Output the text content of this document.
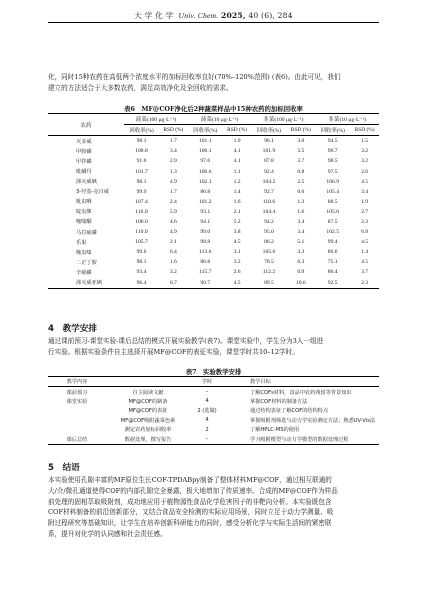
大 学 化 学 Univ. Chem. 2025, 40 (6), 284
化，同时15种农药在高低两个浓度水平的加标回收率良好(70%–120%范围) (表6)。由此可见，我们
建立的方法适合于大多数农药，满足高效净化及全回收的需求。
表6　MF@COF净化后2种蔬菜样品中15种农药的加标回收率
农药	菠菜(100 μg·L⁻¹)		菠菜(10 μg·L⁻¹)		韭菜(100 μg·L⁻¹)		韭菜(10 μg·L⁻¹)	
	回收率(%)	RSD (%)	回收率(%)	RSD (%)	回收率(%)	RSD (%)	回收率(%)	RSD (%)
灭多威	98.1	1.7	101.1	1.9	96.1	3.0	94.5	1.5
甲胺磷	108.8	3.4	106.1	4.1	101.9	3.5	96.7	3.2
甲拌磷	91.6	2.9	97.6	4.1	87.8	3.7	98.5	3.2
吡螨丹	101.7	1.3	106.6	1.1	92.4	0.8	97.5	2.6
涕灭威砜	98.1	4.9	102.1	1.2	104.2	2.5	106.9	4.5
3-羟基-克百威	99.9	1.7	86.8	1.4	92.7	0.6	105.4	3.4
吡虫啉	107.4	2.4	101.2	1.6	110.6	1.3	88.5	1.9
啶虫脒	116.0	5.9	93.1	2.1	104.4	1.6	105.0	2.7
噻嗪酮	106.0	4.6	94.1	5.2	94.2	3.4	87.5	2.3
马拉硫磷	110.0	4.9	99.0	3.8	95.0	3.4	102.5	6.9
乐果	105.7	2.1	98.8	4.5	86.2	5.1	99.4	4.5
噻虫嗪	99.6	6.4	113.6	3.1	105.6	3.3	86.6	1.4
二正丁胺	98.1	1.6	86.8	3.2	78.5	6.3	75.1	4.5
辛硫磷	93.4	3.2	115.7	2.6	112.2	0.9	86.4	3.7
涕灭威亚砜	96.4	6.7	90.7	4.5	89.5	10.6	92.5	2.3
4　教学安排
通过课前预习-课堂实验-课后总结的模式开展实验教学(表7)。课堂实验中，学生分为3人一组进
行实验。根据实验条件自主选择开展MF@COF的表征实验，课堂学时共10–12学时。
表7　实验教学安排
教学内容		学时	教学目标
课前预习	自主阅读文献	–	了解COFs材料，食品中农药残留等背景知识
课堂实验	MF@COF的制备	4	掌握COF材料的制备方法
	MF@COF的表征	2 (选做)	通过结构表征了解COF的结构特点
	MF@COF吸附蔬菜色素	4	掌握吸附剂筛选与动力学实验测定方法；熟悉UV-Vis法
	测定农药加标回收率	2	了解HPLC-MS的使用
课后总结	数据处理、撰写报告	–	学习吸附模型与动力学模型的数据处理过程
5　结语
本实验使用孔隙丰富的MF原位生长COF-TPDABpy制备了整体材料MF@COF，通过相互联通的
大/介/微孔通道使得COF的内部孔隙完全暴露，极大地增加了传质速率。合成的MF@COF作为样品
前处理的固相萃取吸附剂，成功地应用于植物源性食品化学危害因子的非靶向分析。本实验既包含
COF材料制备的前沿创新部分，又结合食品安全检测的实际应用场景，同时立足于动力学测量、吸
附过程研究等基础知识，让学生在培养创新科研能力的同时，感受分析化学与实际生活间的紧密联
系，提升对化学的认同感和社会责任感。
